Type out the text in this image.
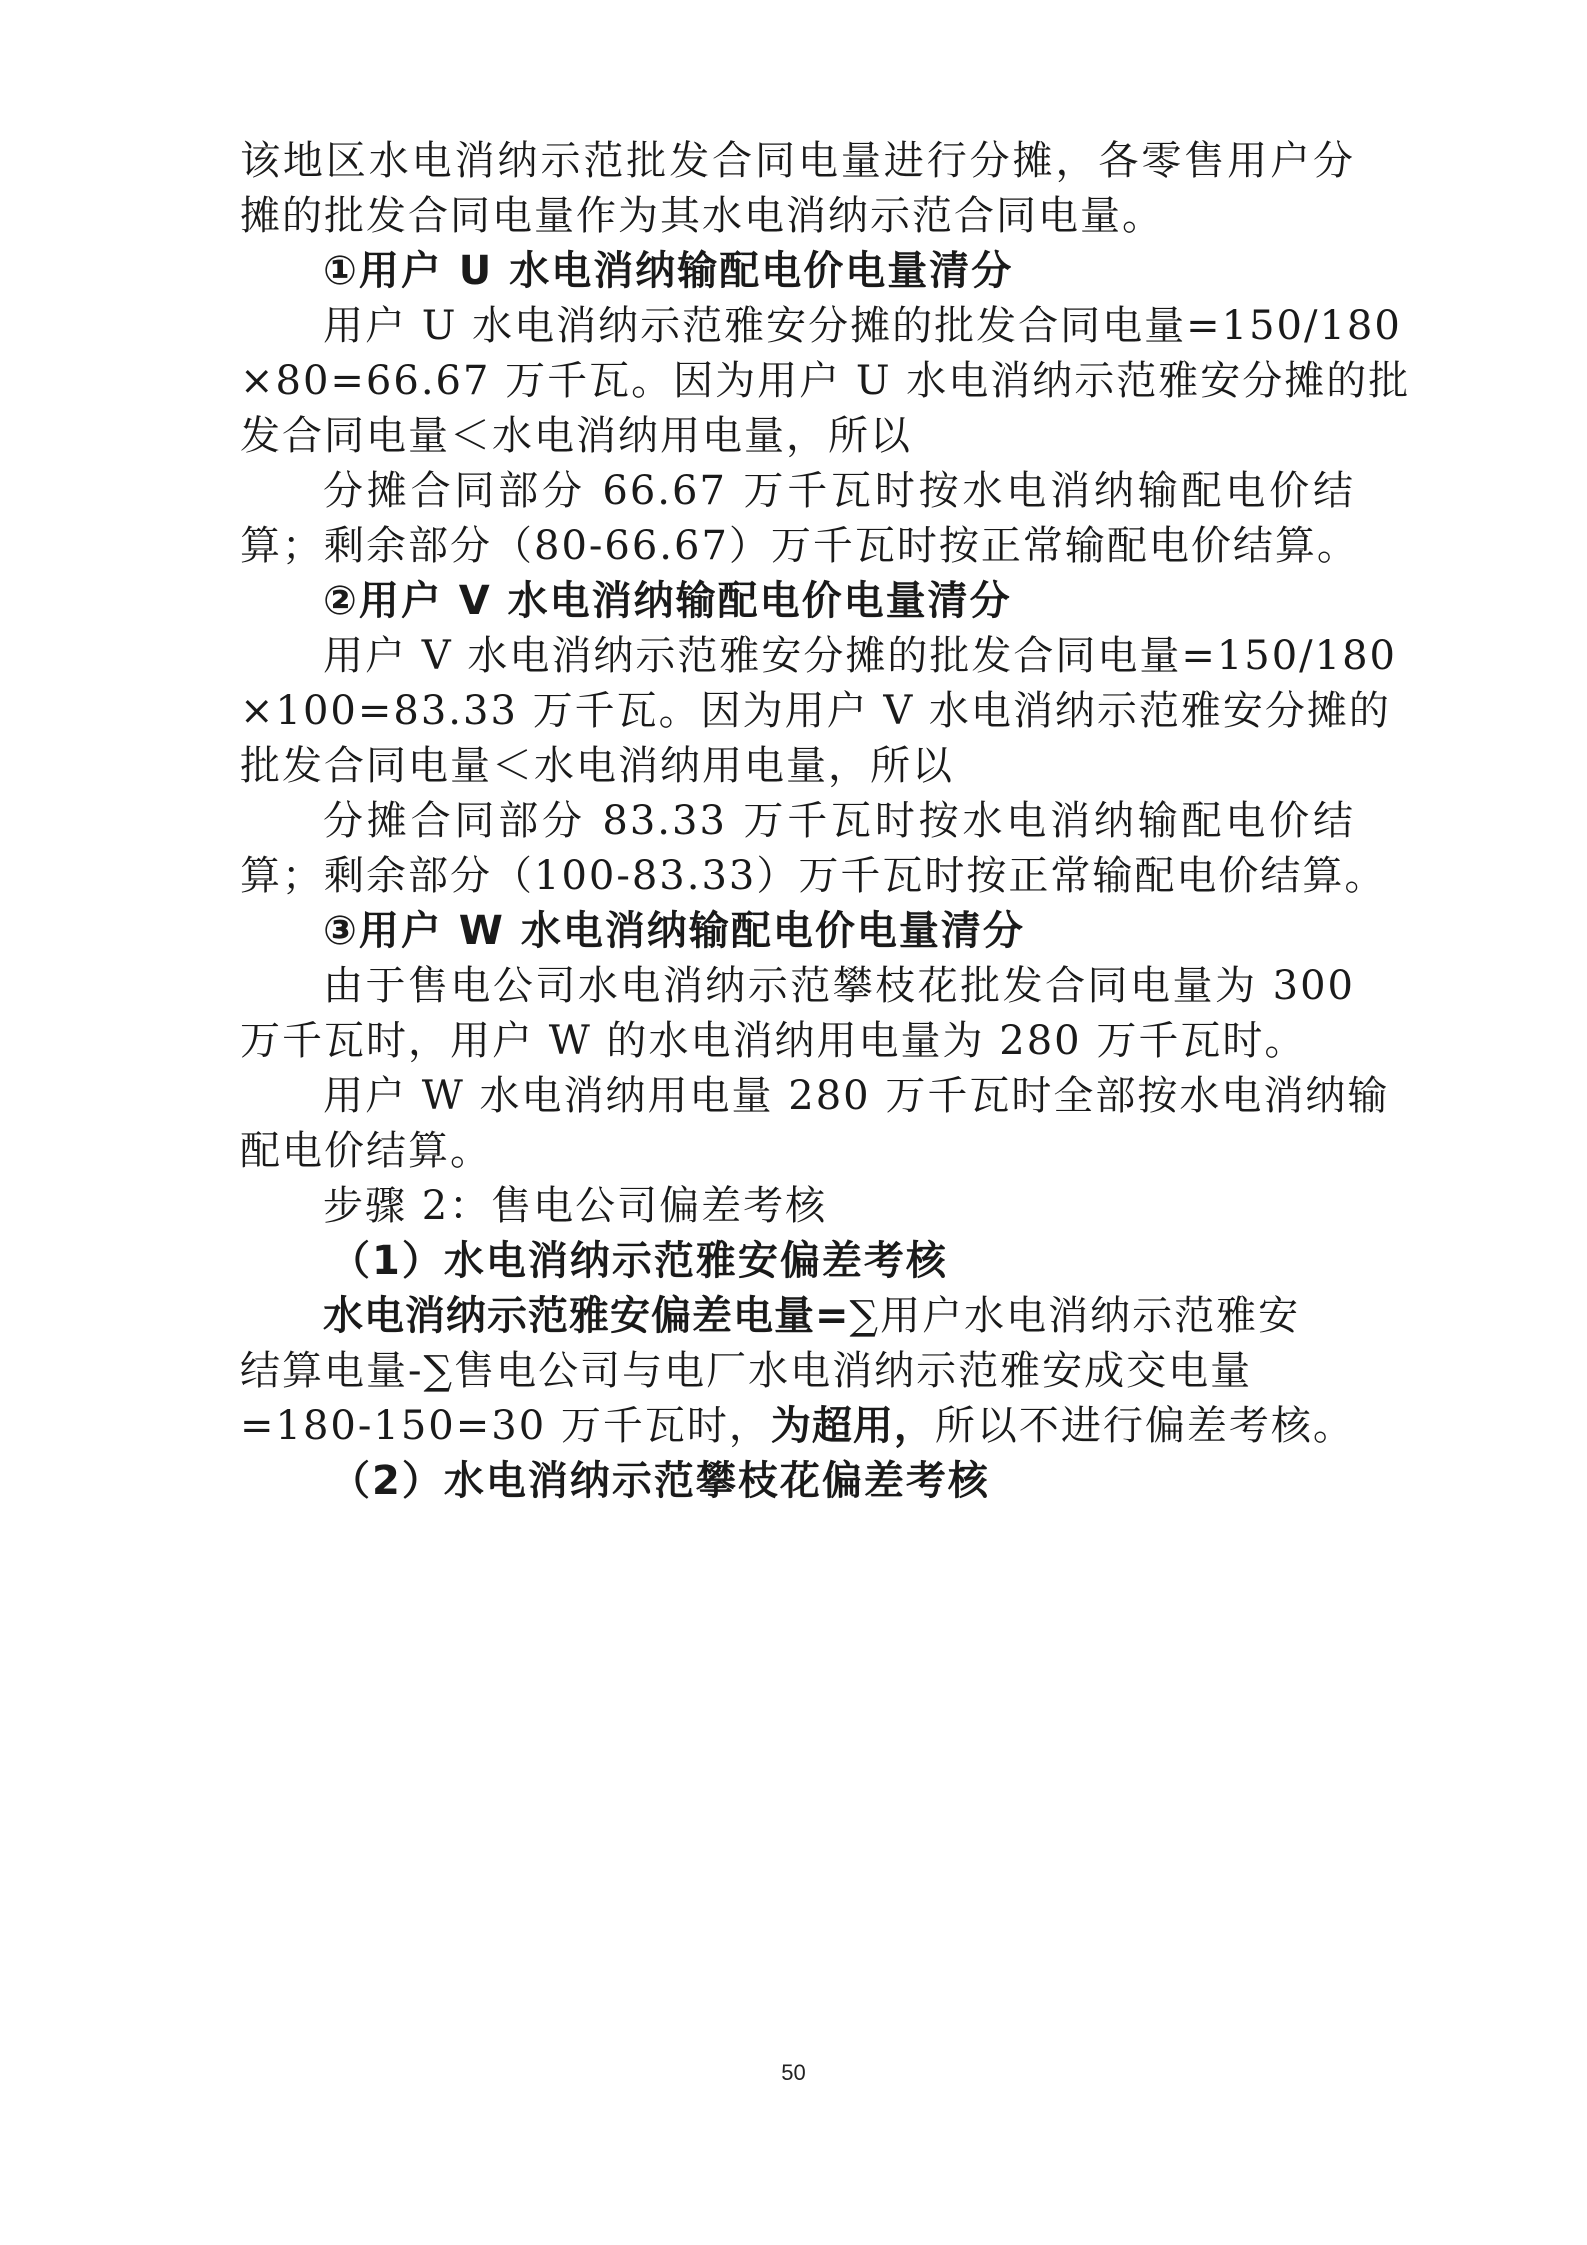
该地区水电消纳示范批发合同电量进行分摊，各零售用户分
摊的批发合同电量作为其水电消纳示范合同电量。
①用户 U 水电消纳输配电价电量清分
用户 U 水电消纳示范雅安分摊的批发合同电量=150/180
×80=66.67 万千瓦。因为用户 U 水电消纳示范雅安分摊的批
发合同电量＜水电消纳用电量，所以
分摊合同部分 66.67 万千瓦时按水电消纳输配电价结
算；剩余部分（80-66.67）万千瓦时按正常输配电价结算。
②用户 V 水电消纳输配电价电量清分
用户 V 水电消纳示范雅安分摊的批发合同电量=150/180
×100=83.33 万千瓦。因为用户 V 水电消纳示范雅安分摊的
批发合同电量＜水电消纳用电量，所以
分摊合同部分 83.33 万千瓦时按水电消纳输配电价结
算；剩余部分（100-83.33）万千瓦时按正常输配电价结算。
③用户 W 水电消纳输配电价电量清分
由于售电公司水电消纳示范攀枝花批发合同电量为 300
万千瓦时，用户 W 的水电消纳用电量为 280 万千瓦时。
用户 W 水电消纳用电量 280 万千瓦时全部按水电消纳输
配电价结算。
步骤 2：售电公司偏差考核
（1）水电消纳示范雅安偏差考核
水电消纳示范雅安偏差电量=∑用户水电消纳示范雅安
结算电量-∑售电公司与电厂水电消纳示范雅安成交电量
=180-150=30 万千瓦时，为超用，所以不进行偏差考核。
（2）水电消纳示范攀枝花偏差考核
50
